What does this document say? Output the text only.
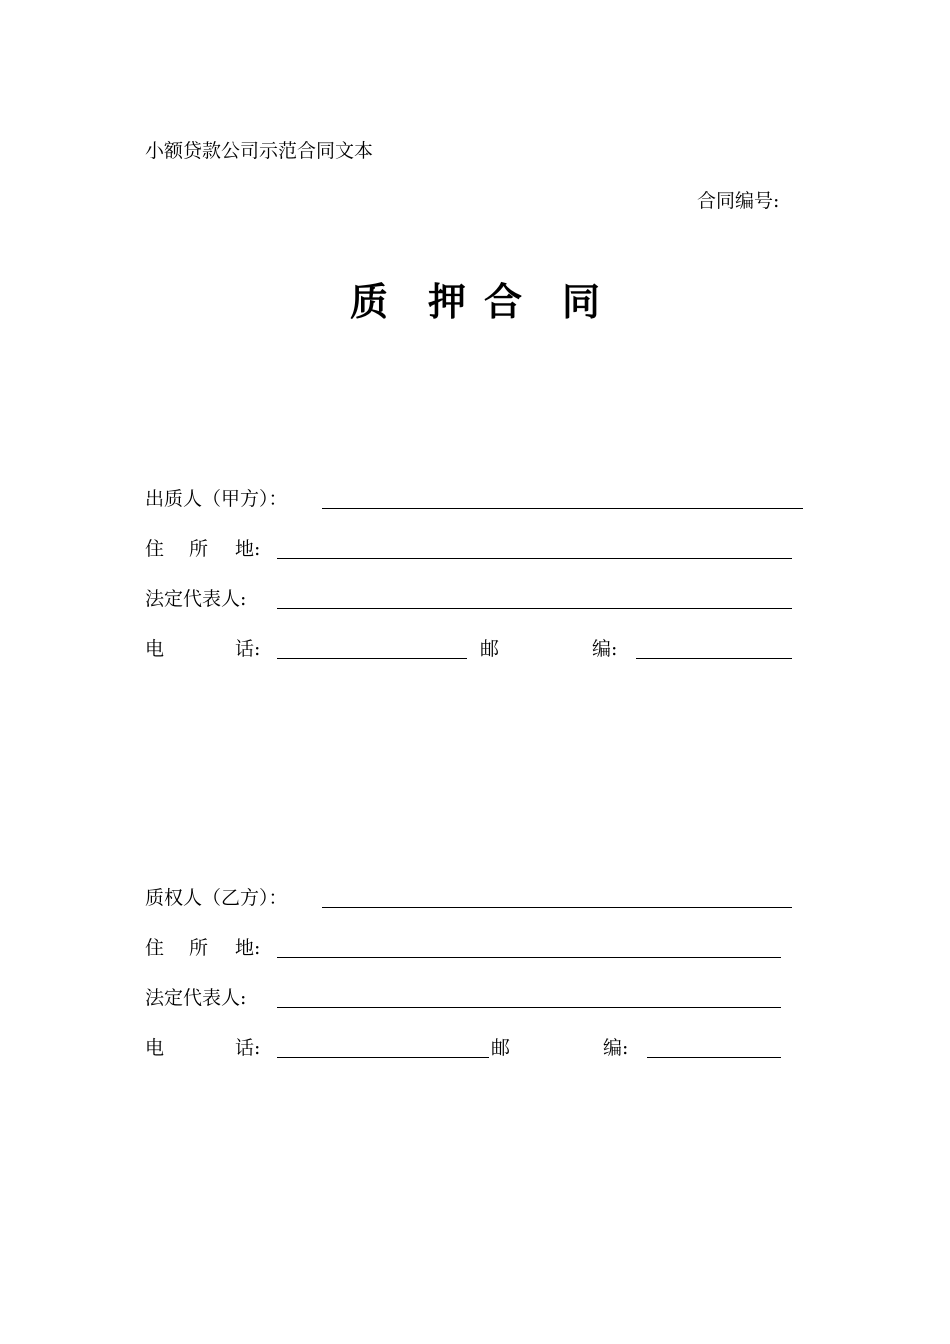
小额贷款公司示范合同文本
合同编号:
质 押 合 同
出质人（甲方）：
住 所 地:
法定代表人:
电	话:	邮	编:
质权人（乙方）：
住 所 地:
法定代表人:
电	话:	邮	编:
